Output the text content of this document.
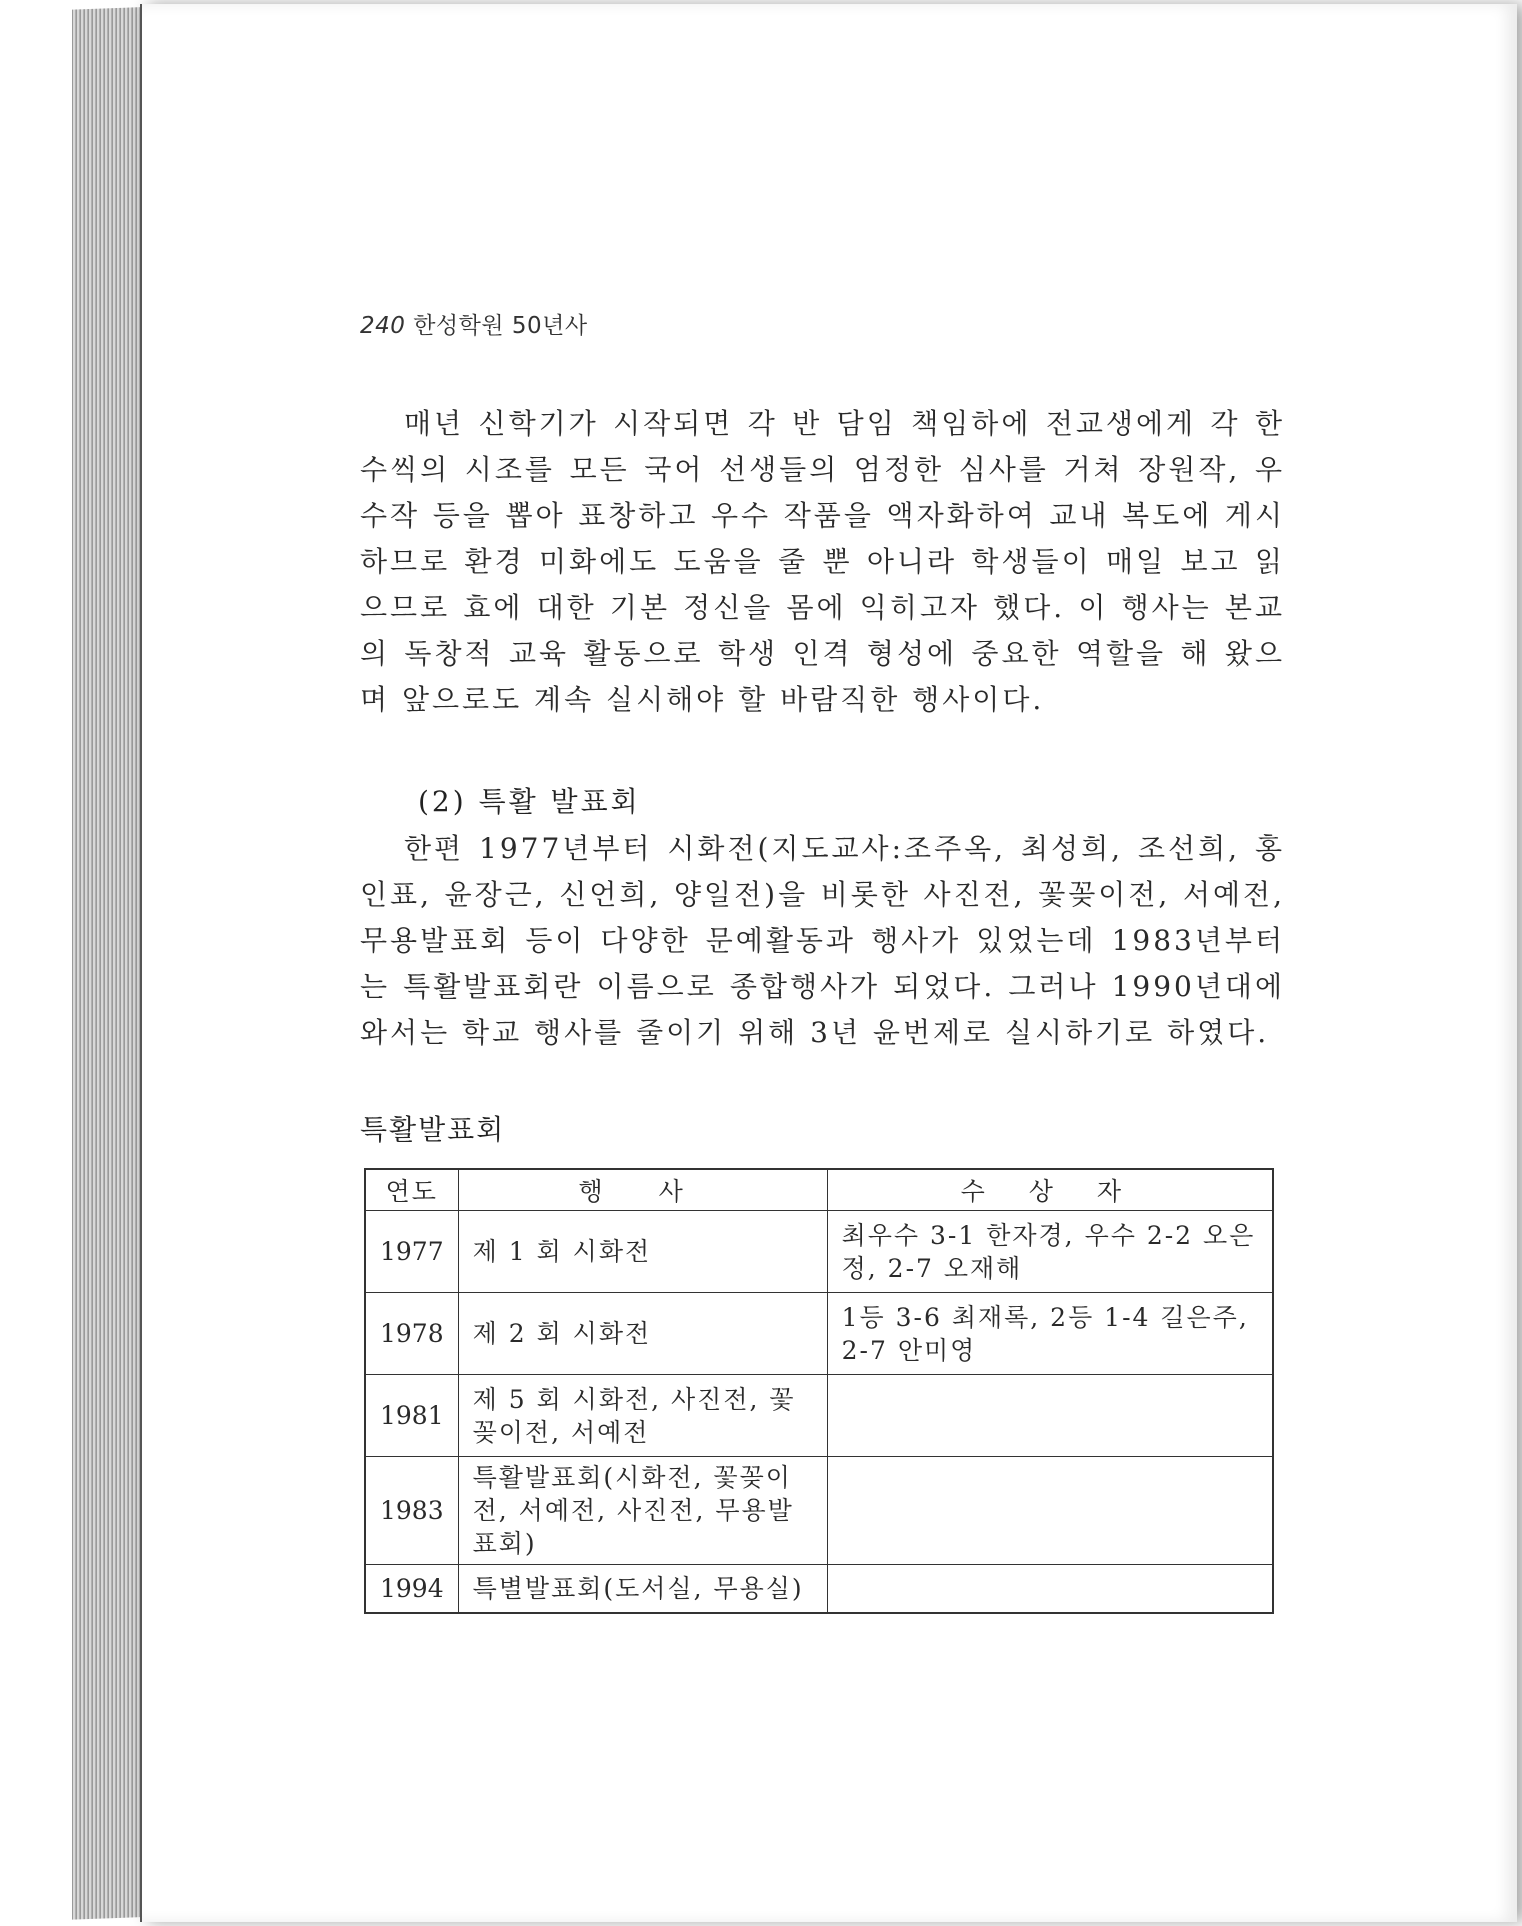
240 한성학원 50년사
매년 신학기가 시작되면 각 반 담임 책임하에 전교생에게 각 한수씩의 시조를 모든 국어 선생들의 엄정한 심사를 거쳐 장원작, 우수작 등을 뽑아 표창하고 우수 작품을 액자화하여 교내 복도에 게시하므로 환경 미화에도 도움을 줄 뿐 아니라 학생들이 매일 보고 읽으므로 효에 대한 기본 정신을 몸에 익히고자 했다. 이 행사는 본교의 독창적 교육 활동으로 학생 인격 형성에 중요한 역할을 해 왔으며 앞으로도 계속 실시해야 할 바람직한 행사이다.
(2) 특활 발표회
한편 1977년부터 시화전(지도교사:조주옥, 최성희, 조선희, 홍인표, 윤장근, 신언희, 양일전)을 비롯한 사진전, 꽃꽂이전, 서예전, 무용발표회 등이 다양한 문예활동과 행사가 있었는데 1983년부터는 특활발표회란 이름으로 종합행사가 되었다. 그러나 1990년대에 와서는 학교 행사를 줄이기 위해 3년 윤번제로 실시하기로 하였다.
특활발표회
연도	행 사	수 상 자
1977	제 1 회 시화전	최우수 3-1 한자경, 우수 2-2 오은정, 2-7 오재해
1978	제 2 회 시화전	1등 3-6 최재록, 2등 1-4 길은주, 2-7 안미영
1981	제 5 회 시화전, 사진전, 꽃꽂이전, 서예전	
1983	특활발표회(시화전, 꽃꽂이전, 서예전, 사진전, 무용발표회)	
1994	특별발표회(도서실, 무용실)	
